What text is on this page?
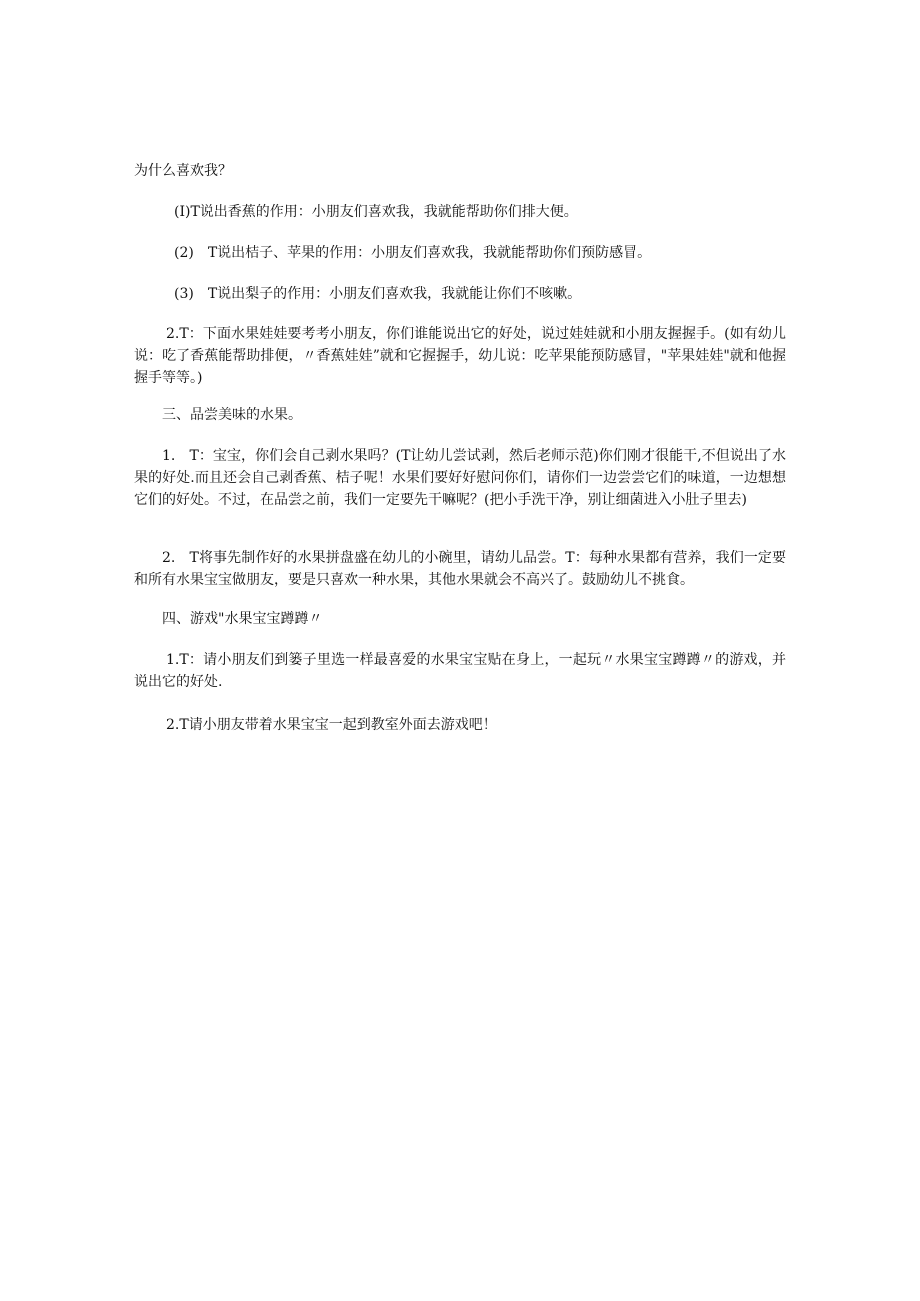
为什么喜欢我？

(I)T说出香蕉的作用：小朋友们喜欢我，我就能帮助你们排大便。

(2)　T说出桔子、苹果的作用：小朋友们喜欢我，我就能帮助你们预防感冒。

(3)　T说出梨子的作用：小朋友们喜欢我，我就能让你们不咳嗽。

2.T：下面水果娃娃要考考小朋友，你们谁能说出它的好处，说过娃娃就和小朋友握握手。(如有幼儿说：吃了香蕉能帮助排便，〃香蕉娃娃”就和它握握手，幼儿说：吃苹果能预防感冒，"苹果娃娃"就和他握握手等等。)

三、品尝美味的水果。

1.　T：宝宝，你们会自己剥水果吗？(T让幼儿尝试剥，然后老师示范)你们刚才很能干,不但说出了水果的好处.而且还会自己剥香蕉、桔子呢！水果们要好好慰问你们，请你们一边尝尝它们的味道，一边想想它们的好处。不过，在品尝之前，我们一定要先干嘛呢？(把小手洗干净，别让细菌进入小肚子里去)

2.　T将事先制作好的水果拼盘盛在幼儿的小碗里，请幼儿品尝。T：每种水果都有营养，我们一定要和所有水果宝宝做朋友，要是只喜欢一种水果，其他水果就会不高兴了。鼓励幼儿不挑食。

四、游戏"水果宝宝蹲蹲〃

1.T：请小朋友们到篓子里选一样最喜爱的水果宝宝贴在身上，一起玩〃水果宝宝蹲蹲〃的游戏，并说出它的好处.

2.T请小朋友带着水果宝宝一起到教室外面去游戏吧！
